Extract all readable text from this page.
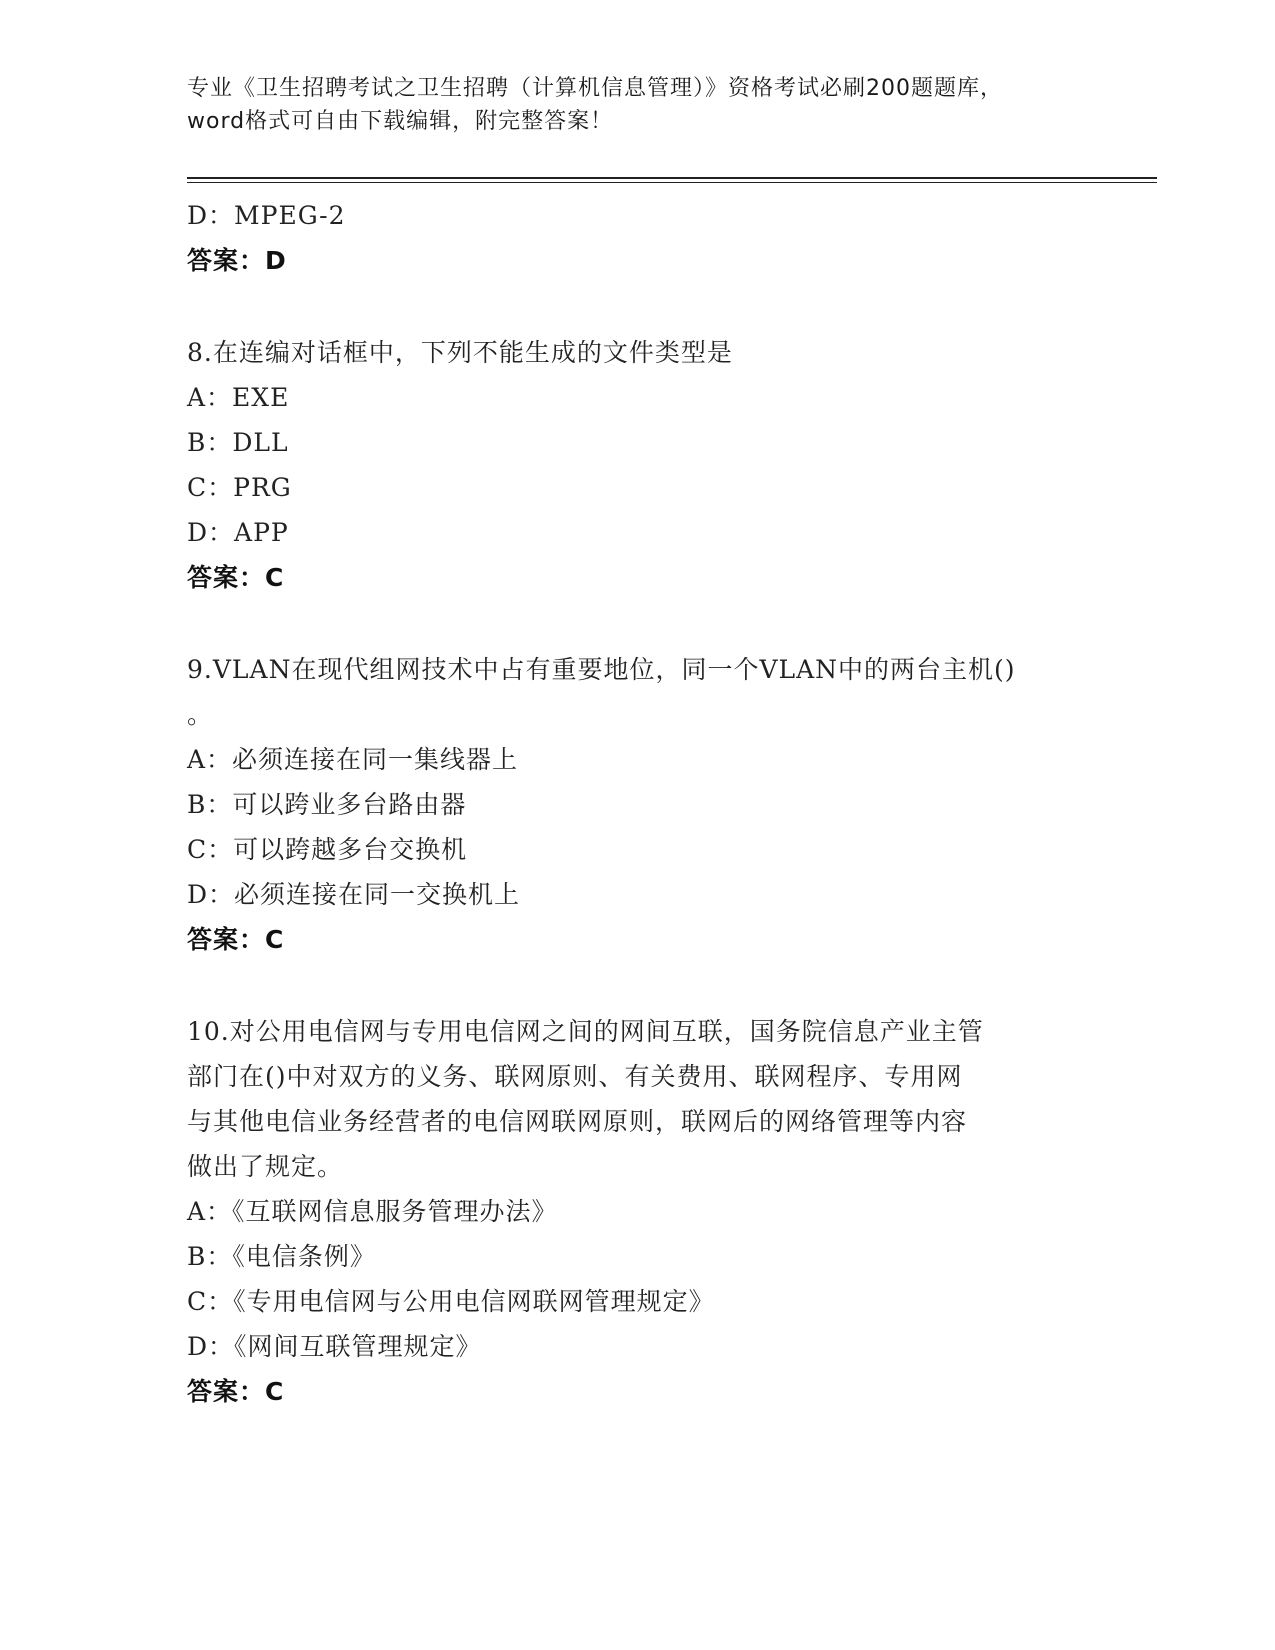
专业《卫生招聘考试之卫生招聘（计算机信息管理）》资格考试必刷200题题库，
word格式可自由下载编辑，附完整答案！
D：MPEG-2
答案：D
8.在连编对话框中，下列不能生成的文件类型是
A：EXE
B：DLL
C：PRG
D：APP
答案：C
9.VLAN在现代组网技术中占有重要地位，同一个VLAN中的两台主机()
。
A：必须连接在同一集线器上
B：可以跨业多台路由器
C：可以跨越多台交换机
D：必须连接在同一交换机上
答案：C
10.对公用电信网与专用电信网之间的网间互联，国务院信息产业主管
部门在()中对双方的义务、联网原则、有关费用、联网程序、专用网
与其他电信业务经营者的电信网联网原则，联网后的网络管理等内容
做出了规定。
A：《互联网信息服务管理办法》
B：《电信条例》
C：《专用电信网与公用电信网联网管理规定》
D：《网间互联管理规定》
答案：C
